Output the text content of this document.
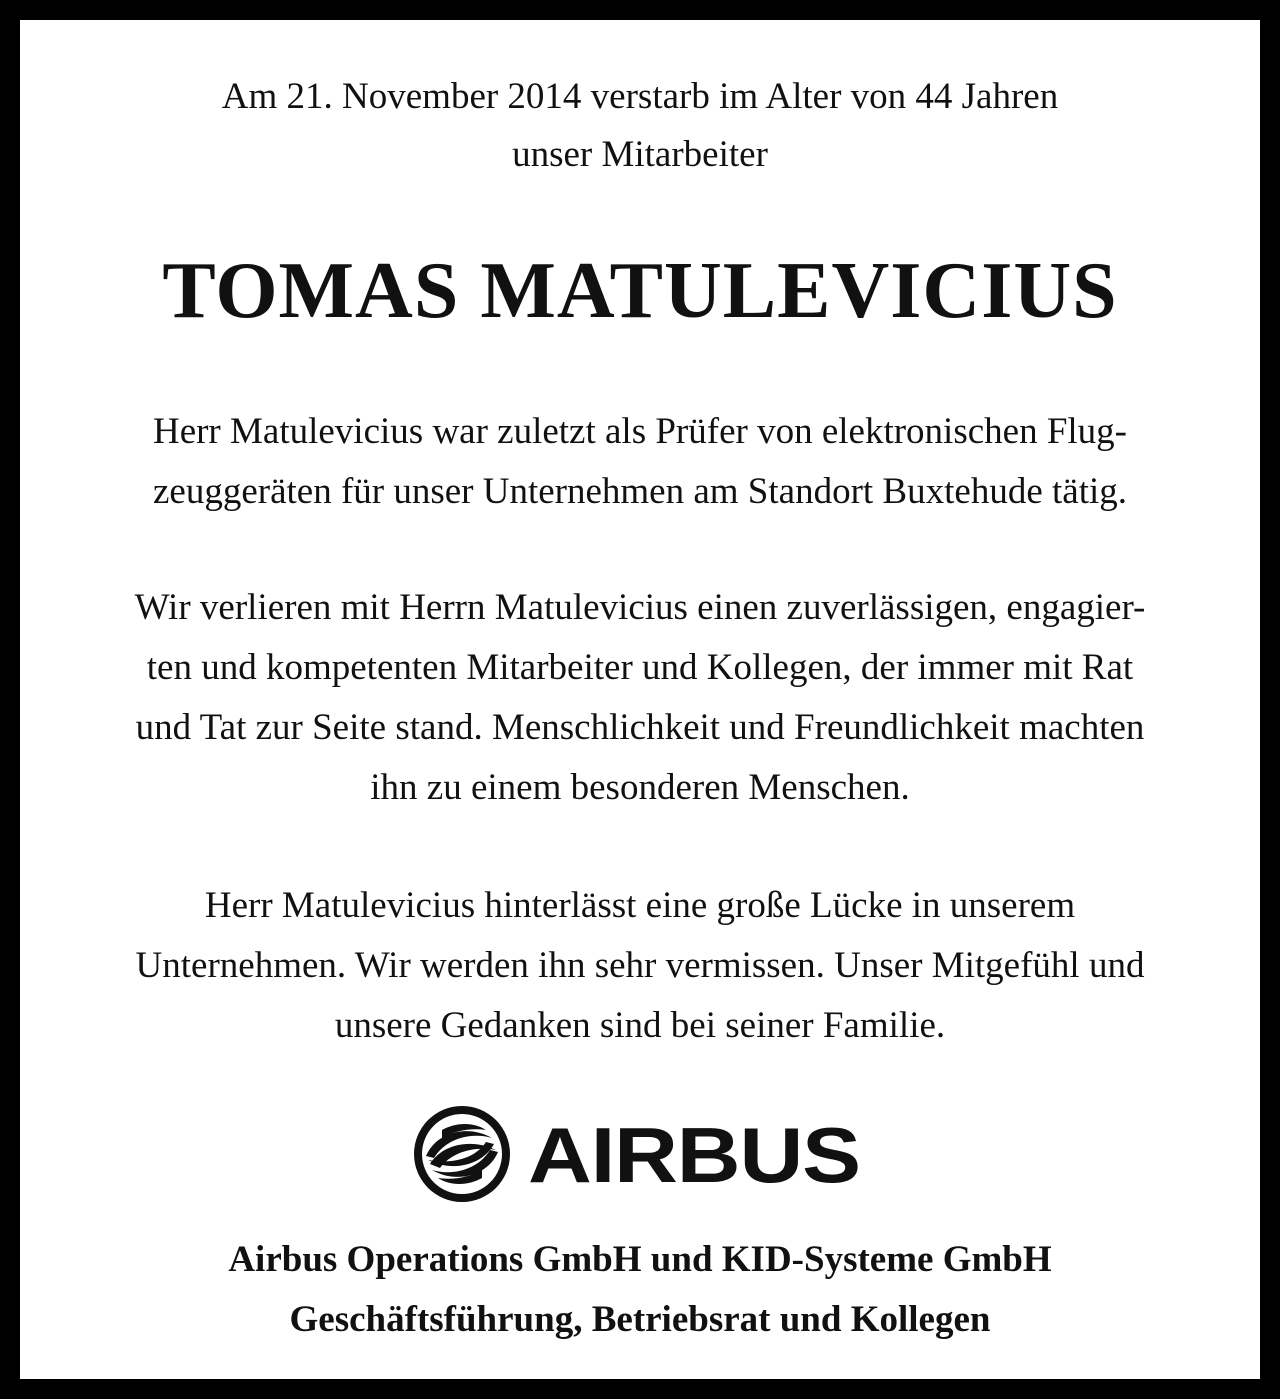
Am 21. November 2014 verstarb im Alter von 44 Jahren
unser Mitarbeiter
TOMAS MATULEVICIUS
Herr Matulevicius war zuletzt als Prüfer von elektronischen Flug-
zeuggeräten für unser Unternehmen am Standort Buxtehude tätig.
Wir verlieren mit Herrn Matulevicius einen zuverlässigen, engagier-
ten und kompetenten Mitarbeiter und Kollegen, der immer mit Rat
und Tat zur Seite stand. Menschlichkeit und Freundlichkeit machten
ihn zu einem besonderen Menschen.
Herr Matulevicius hinterlässt eine große Lücke in unserem
Unternehmen. Wir werden ihn sehr vermissen. Unser Mitgefühl und
unsere Gedanken sind bei seiner Familie.
AIRBUS
Airbus Operations GmbH und KID-Systeme GmbH
Geschäftsführung, Betriebsrat und Kollegen
